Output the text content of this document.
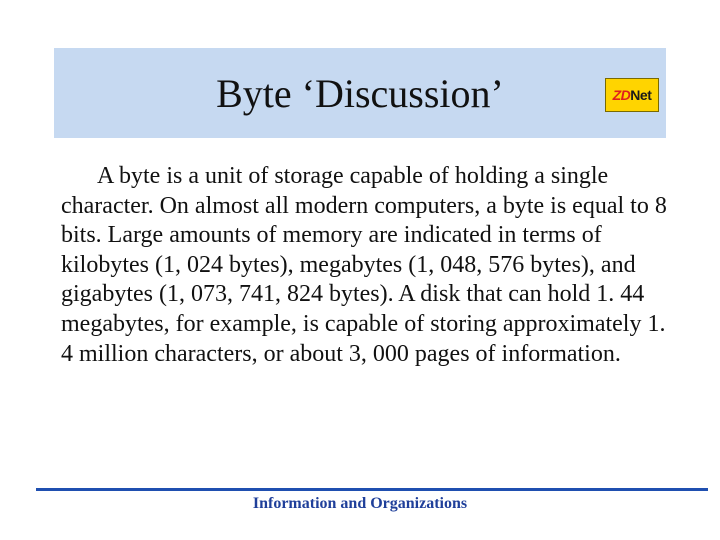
Byte ‘Discussion’	ZD Net

A byte is a unit of storage capable of holding a single character. On almost all modern computers, a byte is equal to 8 bits. Large amounts of memory are indicated in terms of kilobytes (1, 024 bytes), megabytes (1, 048, 576 bytes), and gigabytes (1, 073, 741, 824 bytes). A disk that can hold 1. 44 megabytes, for example, is capable of storing approximately 1. 4 million characters, or about 3, 000 pages of information.

Information and Organizations
